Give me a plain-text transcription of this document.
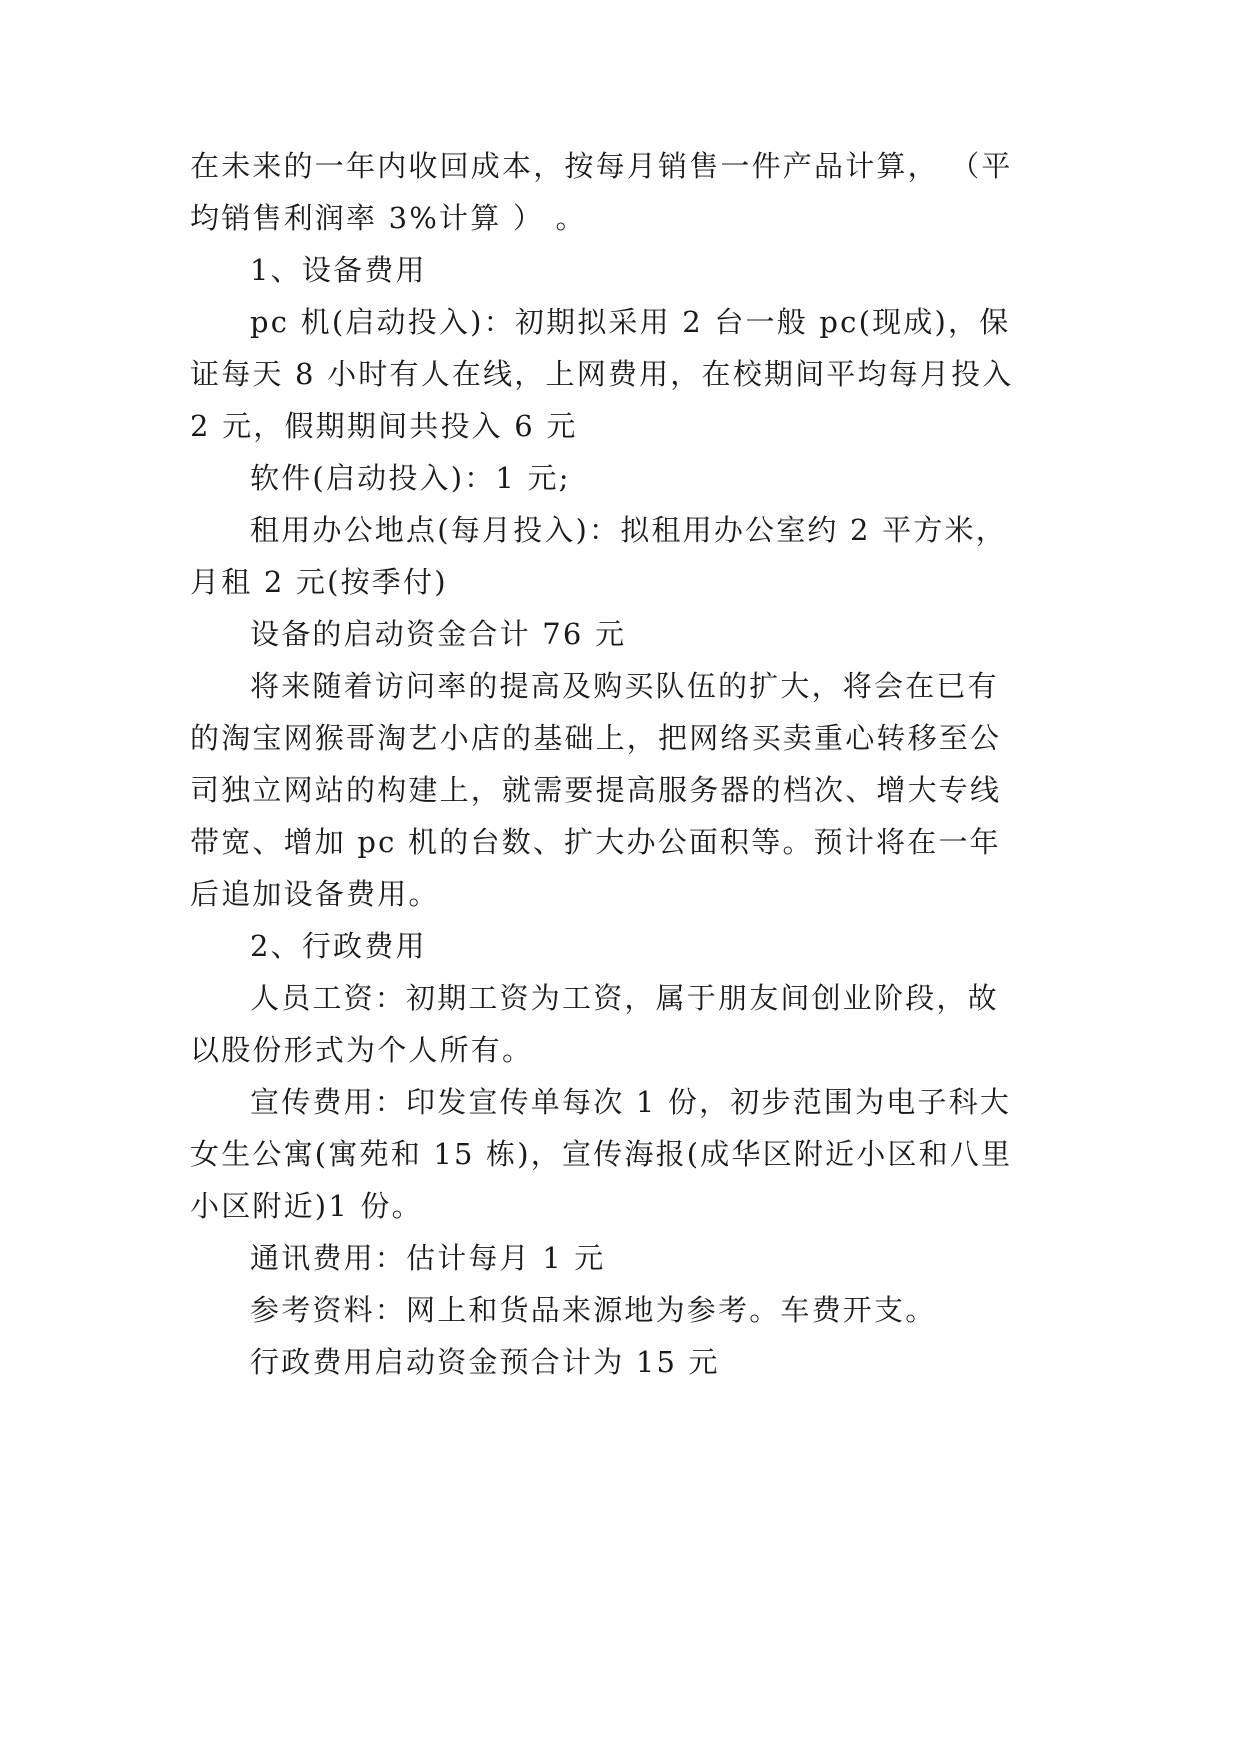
在未来的一年内收回成本，按每月销售一件产品计算， （平
均销售利润率 3%计算 ） 。
1、设备费用
pc 机(启动投入)：初期拟采用 2 台一般 pc(现成)，保
证每天 8 小时有人在线，上网费用，在校期间平均每月投入
2 元，假期期间共投入 6 元
软件(启动投入)：1 元;
租用办公地点(每月投入)：拟租用办公室约 2 平方米，
月租 2 元(按季付)
设备的启动资金合计 76 元
将来随着访问率的提高及购买队伍的扩大，将会在已有
的淘宝网猴哥淘艺小店的基础上，把网络买卖重心转移至公
司独立网站的构建上，就需要提高服务器的档次、增大专线
带宽、增加 pc 机的台数、扩大办公面积等。预计将在一年
后追加设备费用。
2、行政费用
人员工资：初期工资为工资，属于朋友间创业阶段，故
以股份形式为个人所有。
宣传费用：印发宣传单每次 1 份，初步范围为电子科大
女生公寓(寓苑和 15 栋)，宣传海报(成华区附近小区和八里
小区附近)1 份。
通讯费用：估计每月 1 元
参考资料：网上和货品来源地为参考。车费开支。
行政费用启动资金预合计为 15 元
